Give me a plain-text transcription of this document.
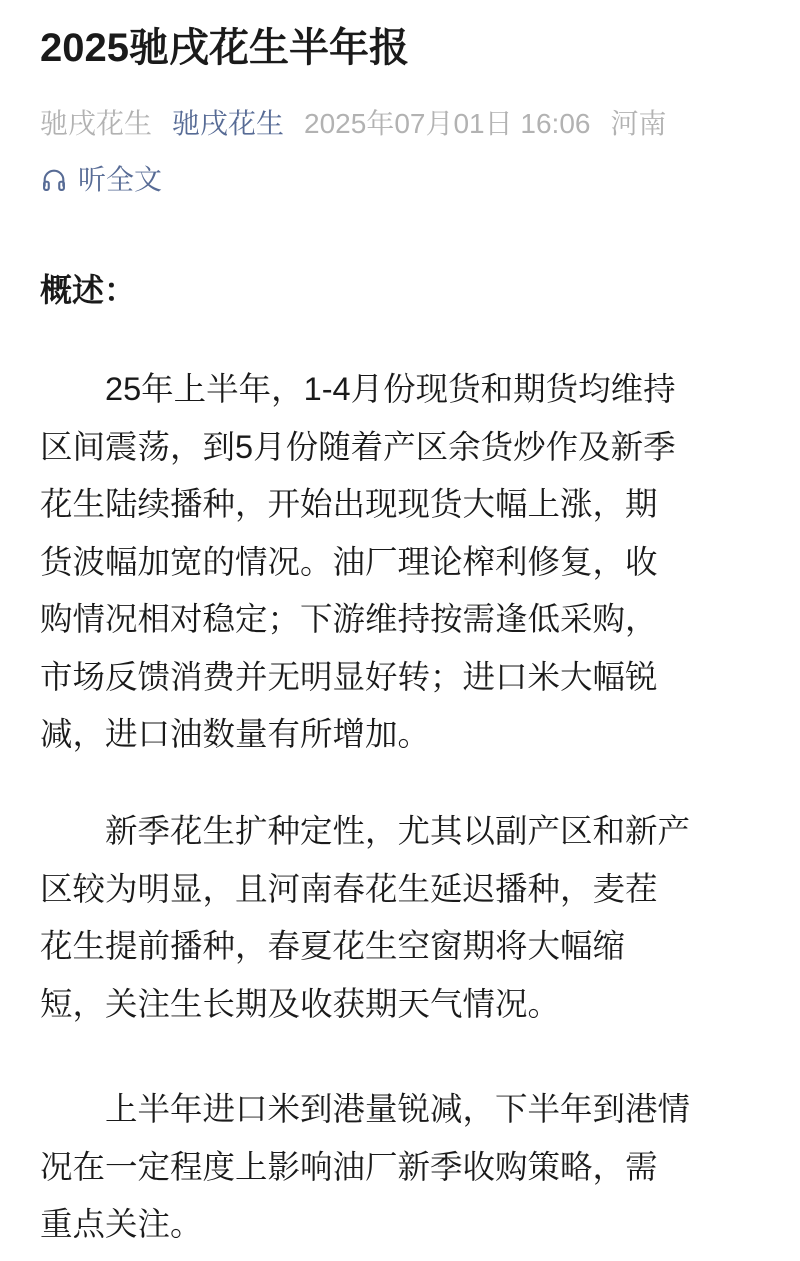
2025驰戌花生半年报
驰戌花生 驰戌花生 2025年07月01日 16:06 河南
听全文
概述：
　　25年上半年，1-4月份现货和期货均维持
区间震荡，到5月份随着产区余货炒作及新季
花生陆续播种，开始出现现货大幅上涨，期
货波幅加宽的情况。油厂理论榨利修复，收
购情况相对稳定；下游维持按需逢低采购，
市场反馈消费并无明显好转；进口米大幅锐
减，进口油数量有所增加。
　　新季花生扩种定性，尤其以副产区和新产
区较为明显，且河南春花生延迟播种，麦茬
花生提前播种，春夏花生空窗期将大幅缩
短，关注生长期及收获期天气情况。
　　上半年进口米到港量锐减，下半年到港情
况在一定程度上影响油厂新季收购策略，需
重点关注。
